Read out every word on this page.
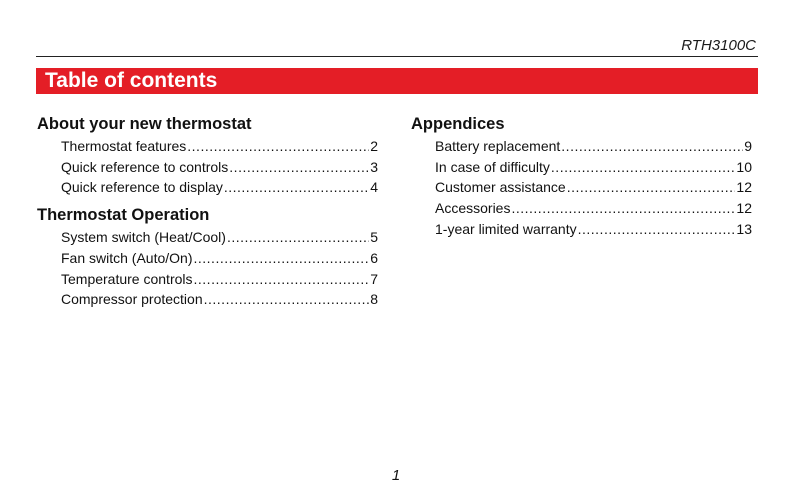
RTH3100C
Table of contents
About your new thermostat
Thermostat features .....	2
Quick reference to controls .....	3
Quick reference to display .....	4
Thermostat Operation
System switch (Heat/Cool) .....	5
Fan switch (Auto/On) .....	6
Temperature controls .....	7
Compressor protection .....	8
Appendices
Battery replacement .....	9
In case of difficulty .....	10
Customer assistance .....	12
Accessories .....	12
1-year limited warranty .....	13
1
